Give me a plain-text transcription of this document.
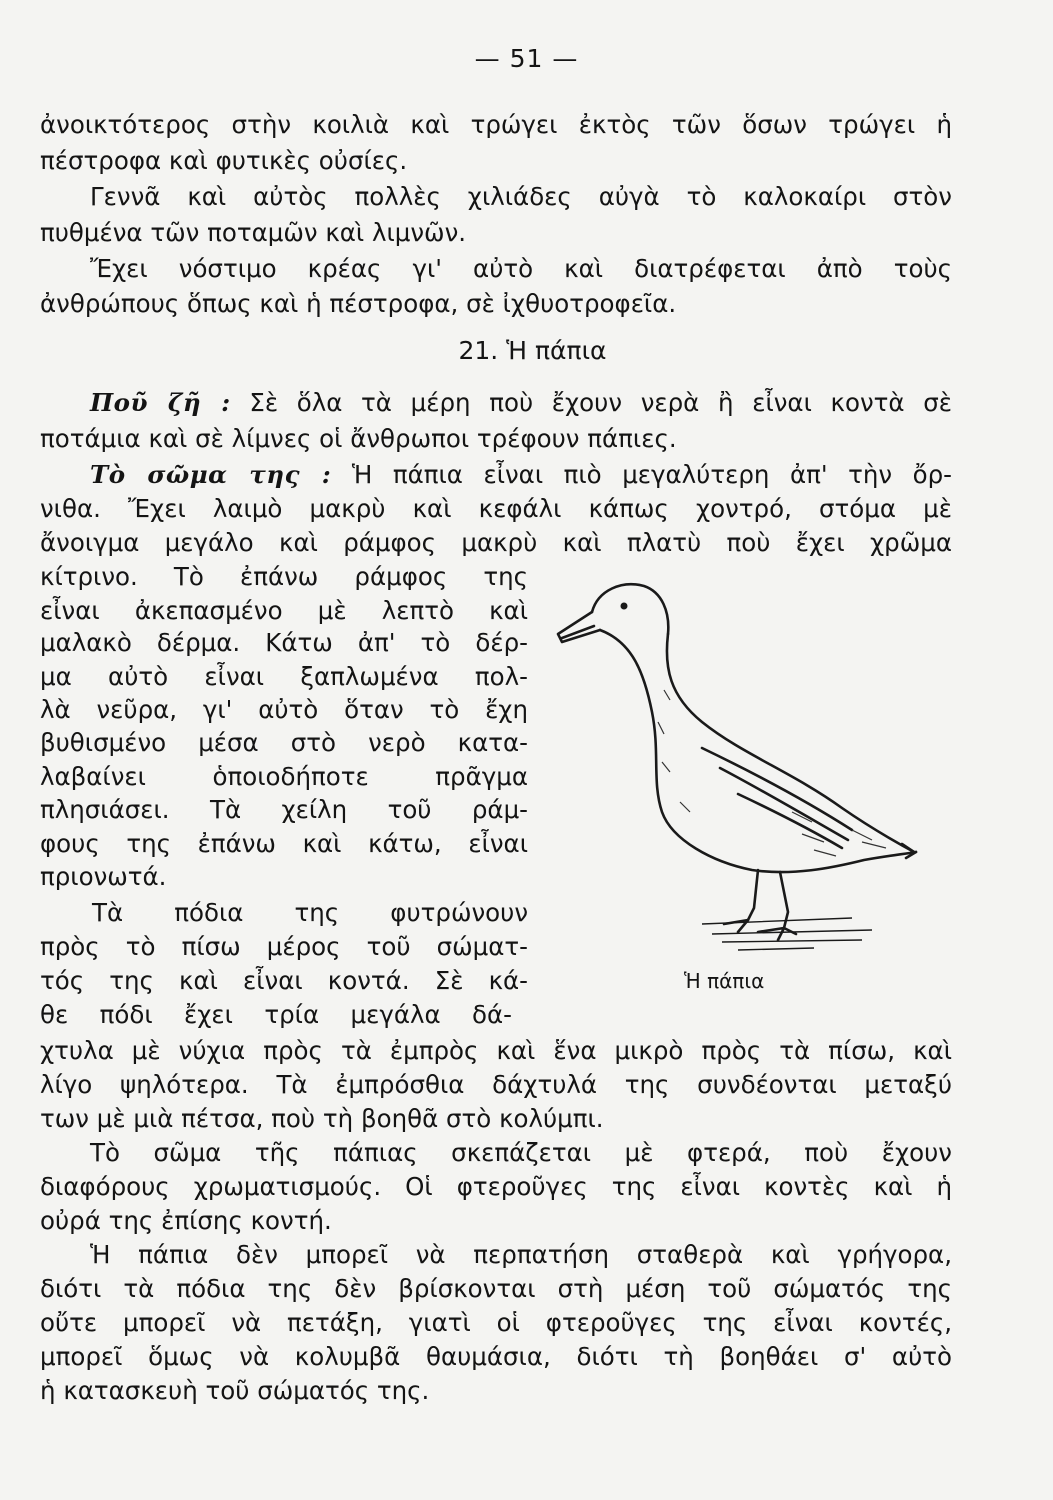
— 51 —
ἀνοικτότερος στὴν κοιλιὰ καὶ τρώγει ἐκτὸς τῶν ὅσων τρώγει ἡ
πέστροφα καὶ φυτικὲς οὐσίες.
Γεννᾶ καὶ αὐτὸς πολλὲς χιλιάδες αὐγὰ τὸ καλοκαίρι στὸν
πυθμένα τῶν ποταμῶν καὶ λιμνῶν.
Ἔχει νόστιμο κρέας γι' αὐτὸ καὶ διατρέφεται ἀπὸ τοὺς
ἀνθρώπους ὅπως καὶ ἡ πέστροφα, σὲ ἰχθυοτροφεῖα.
21. Ἡ πάπια
Ποῦ ζῆ : Σὲ ὅλα τὰ μέρη ποὺ ἔχουν νερὰ ἢ εἶναι κοντὰ σὲ
ποτάμια καὶ σὲ λίμνες οἱ ἄνθρωποι τρέφουν πάπιες.
Τὸ σῶμα της : Ἡ πάπια εἶναι πιὸ μεγαλύτερη ἀπ' τὴν ὄρ-
νιθα. Ἔχει λαιμὸ μακρὺ καὶ κεφάλι κάπως χοντρό, στόμα μὲ
ἄνοιγμα μεγάλο καὶ ράμφος μακρὺ καὶ πλατὺ ποὺ ἔχει χρῶμα
κίτρινο. Τὸ ἐπάνω ράμφος της
εἶναι ἀκεπασμένο μὲ λεπτὸ καὶ
μαλακὸ δέρμα. Κάτω ἀπ' τὸ δέρ-
μα αὐτὸ εἶναι ξαπλωμένα πολ-
λὰ νεῦρα, γι' αὐτὸ ὅταν τὸ ἔχη
βυθισμένο μέσα στὸ νερὸ κατα-
λαβαίνει ὁποιοδήποτε πρᾶγμα
πλησιάσει. Τὰ χείλη τοῦ ράμ-
φους της ἐπάνω καὶ κάτω, εἶναι
πριονωτά.
Τὰ πόδια της φυτρώνουν
πρὸς τὸ πίσω μέρος τοῦ σώματ-
τός της καὶ εἶναι κοντά. Σὲ κά-
θε πόδι ἔχει τρία μεγάλα δά-
Ἡ πάπια
χτυλα μὲ νύχια πρὸς τὰ ἐμπρὸς καὶ ἕνα μικρὸ πρὸς τὰ πίσω, καὶ
λίγο ψηλότερα. Τὰ ἐμπρόσθια δάχτυλά της συνδέονται μεταξύ
των μὲ μιὰ πέτσα, ποὺ τὴ βοηθᾶ στὸ κολύμπι.
Τὸ σῶμα τῆς πάπιας σκεπάζεται μὲ φτερά, ποὺ ἔχουν
διαφόρους χρωματισμούς. Οἱ φτεροῦγες της εἶναι κοντὲς καὶ ἡ
οὐρά της ἐπίσης κοντή.
Ἡ πάπια δὲν μπορεῖ νὰ περπατήση σταθερὰ καὶ γρήγορα,
διότι τὰ πόδια της δὲν βρίσκονται στὴ μέση τοῦ σώματός της
οὔτε μπορεῖ νὰ πετάξη, γιατὶ οἱ φτεροῦγες της εἶναι κοντές,
μπορεῖ ὅμως νὰ κολυμβᾶ θαυμάσια, διότι τὴ βοηθάει σ' αὐτὸ
ἡ κατασκευὴ τοῦ σώματός της.
